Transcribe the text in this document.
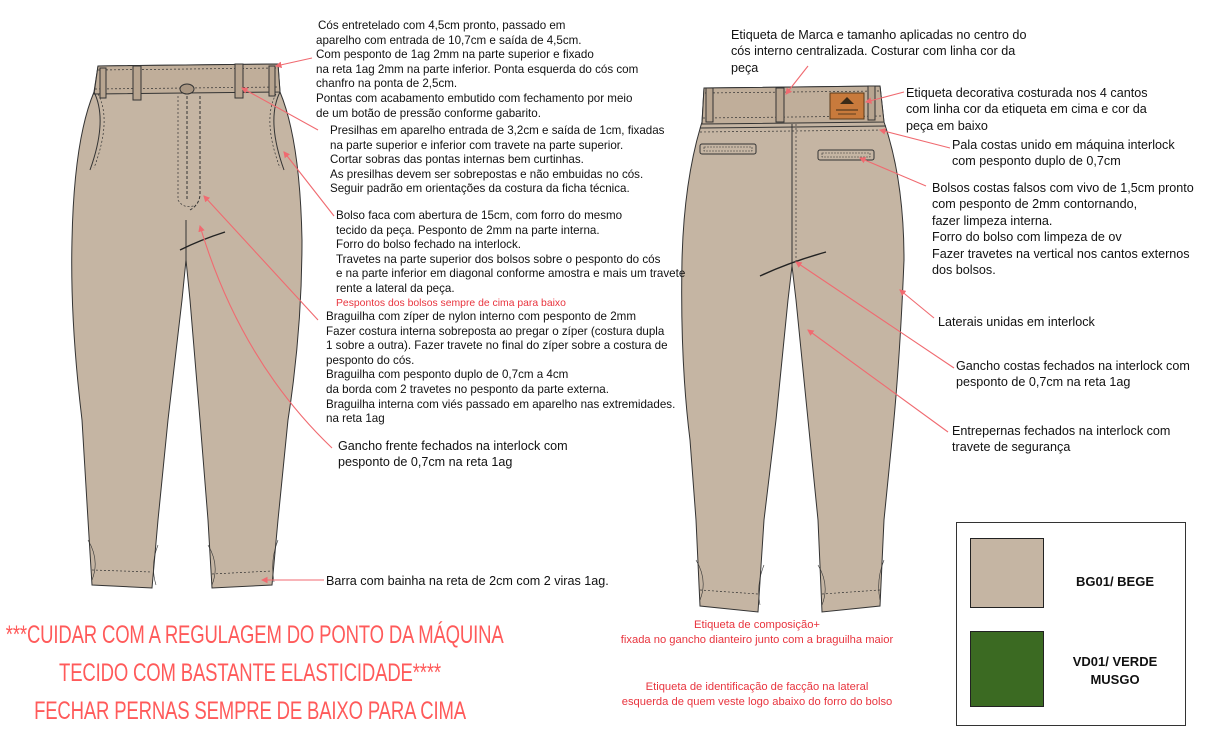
Cós entretelado com 4,5cm pronto, passado em
aparelho com entrada de 10,7cm e saída de 4,5cm.
Com pesponto de 1ag 2mm na parte superior e fixado
na reta 1ag 2mm na parte inferior. Ponta esquerda do cós com
chanfro na ponta de 2,5cm.
Pontas com acabamento embutido com fechamento por meio
de um botão de pressão conforme gabarito.
Presilhas em aparelho entrada de 3,2cm e saída de 1cm, fixadas
na parte superior e inferior com travete na parte superior.
Cortar sobras das pontas internas bem curtinhas.
As presilhas devem ser sobrepostas e não embuidas no cós.
Seguir padrão em orientações da costura da ficha técnica.
Bolso faca com abertura de 15cm, com forro do mesmo
tecido da peça. Pesponto de 2mm na parte interna.
Forro do bolso fechado na interlock.
Travetes na parte superior dos bolsos sobre o pesponto do cós
e na parte inferior em diagonal conforme amostra e mais um travete
rente a lateral da peça.
Pespontos dos bolsos sempre de cima para baixo
Braguilha com zíper de nylon interno com pesponto de 2mm
Fazer costura interna sobreposta ao pregar o zíper (costura dupla
1 sobre a outra). Fazer travete no final do zíper sobre a costura de
pesponto do cós.
Braguilha com pesponto duplo de 0,7cm a 4cm
da borda com 2 travetes no pesponto da parte externa.
Braguilha interna com viés passado em aparelho nas extremidades.
na reta 1ag
Gancho frente fechados na interlock com
pesponto de 0,7cm na reta 1ag
Barra com bainha na reta de 2cm com 2 viras 1ag.
Etiqueta de Marca e tamanho aplicadas no centro do
cós interno centralizada. Costurar com linha cor da
peça
Etiqueta decorativa costurada nos 4 cantos
com linha cor da etiqueta em cima e cor da
peça em baixo
Pala costas unido em máquina interlock
com pesponto duplo de 0,7cm
Bolsos costas falsos com vivo de 1,5cm pronto
com pesponto de 2mm contornando,
fazer limpeza interna.
Forro do bolso com limpeza de ov
Fazer travetes na vertical nos cantos externos
dos bolsos.
Laterais unidas em interlock
Gancho costas fechados na interlock com
pesponto de 0,7cm na reta 1ag
Entrepernas fechados na interlock com
travete de segurança
Etiqueta de composição+
fixada no gancho dianteiro junto com a braguilha maior
Etiqueta de identificação de facção na lateral
esquerda de quem veste logo abaixo do forro do bolso
***CUIDAR COM A REGULAGEM DO PONTO DA MÁQUINA
TECIDO COM BASTANTE ELASTICIDADE****
FECHAR PERNAS SEMPRE DE BAIXO PARA CIMA
BG01/ BEGE
VD01/ VERDE
MUSGO
